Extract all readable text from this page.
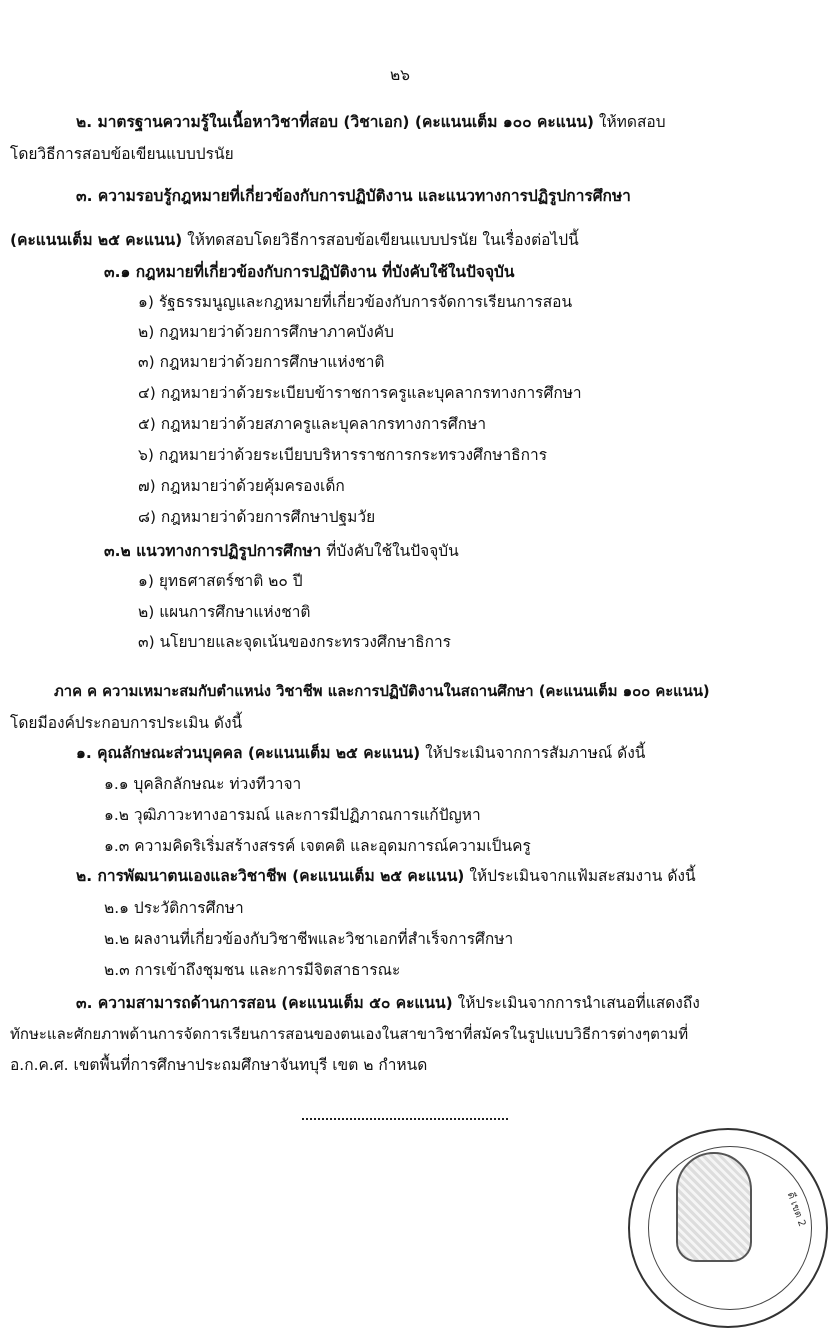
๒๖
๒. มาตรฐานความรู้ในเนื้อหาวิชาที่สอบ (วิชาเอก) (คะแนนเต็ม ๑๐๐ คะแนน) ให้ทดสอบ
โดยวิธีการสอบข้อเขียนแบบปรนัย
๓. ความรอบรู้กฎหมายที่เกี่ยวข้องกับการปฏิบัติงาน และแนวทางการปฏิรูปการศึกษา
(คะแนนเต็ม ๒๕ คะแนน) ให้ทดสอบโดยวิธีการสอบข้อเขียนแบบปรนัย ในเรื่องต่อไปนี้
๓.๑ กฎหมายที่เกี่ยวข้องกับการปฏิบัติงาน ที่บังคับใช้ในปัจจุบัน
๑) รัฐธรรมนูญและกฎหมายที่เกี่ยวข้องกับการจัดการเรียนการสอน
๒) กฎหมายว่าด้วยการศึกษาภาคบังคับ
๓) กฎหมายว่าด้วยการศึกษาแห่งชาติ
๔) กฎหมายว่าด้วยระเบียบข้าราชการครูและบุคลากรทางการศึกษา
๕) กฎหมายว่าด้วยสภาครูและบุคลากรทางการศึกษา
๖) กฎหมายว่าด้วยระเบียบบริหารราชการกระทรวงศึกษาธิการ
๗) กฎหมายว่าด้วยคุ้มครองเด็ก
๘) กฎหมายว่าด้วยการศึกษาปฐมวัย
๓.๒ แนวทางการปฏิรูปการศึกษา ที่บังคับใช้ในปัจจุบัน
๑) ยุทธศาสตร์ชาติ ๒๐ ปี
๒) แผนการศึกษาแห่งชาติ
๓) นโยบายและจุดเน้นของกระทรวงศึกษาธิการ
ภาค ค ความเหมาะสมกับตำแหน่ง วิชาชีพ และการปฏิบัติงานในสถานศึกษา (คะแนนเต็ม ๑๐๐ คะแนน)
โดยมีองค์ประกอบการประเมิน ดังนี้
๑. คุณลักษณะส่วนบุคคล (คะแนนเต็ม ๒๕ คะแนน) ให้ประเมินจากการสัมภาษณ์ ดังนี้
๑.๑ บุคลิกลักษณะ ท่วงทีวาจา
๑.๒ วุฒิภาวะทางอารมณ์ และการมีปฏิภาณการแก้ปัญหา
๑.๓ ความคิดริเริ่มสร้างสรรค์ เจตคติ และอุดมการณ์ความเป็นครู
๒. การพัฒนาตนเองและวิชาชีพ (คะแนนเต็ม ๒๕ คะแนน) ให้ประเมินจากแฟ้มสะสมงาน ดังนี้
๒.๑ ประวัติการศึกษา
๒.๒ ผลงานที่เกี่ยวข้องกับวิชาชีพและวิชาเอกที่สำเร็จการศึกษา
๒.๓ การเข้าถึงชุมชน และการมีจิตสาธารณะ
๓. ความสามารถด้านการสอน (คะแนนเต็ม ๕๐ คะแนน) ให้ประเมินจากการนำเสนอที่แสดงถึง
ทักษะและศักยภาพด้านการจัดการเรียนการสอนของตนเองในสาขาวิชาที่สมัครในรูปแบบวิธีการต่างๆตามที่
อ.ก.ค.ศ. เขตพื้นที่การศึกษาประถมศึกษาจันทบุรี เขต ๒ กำหนด
ดี เขต 2
